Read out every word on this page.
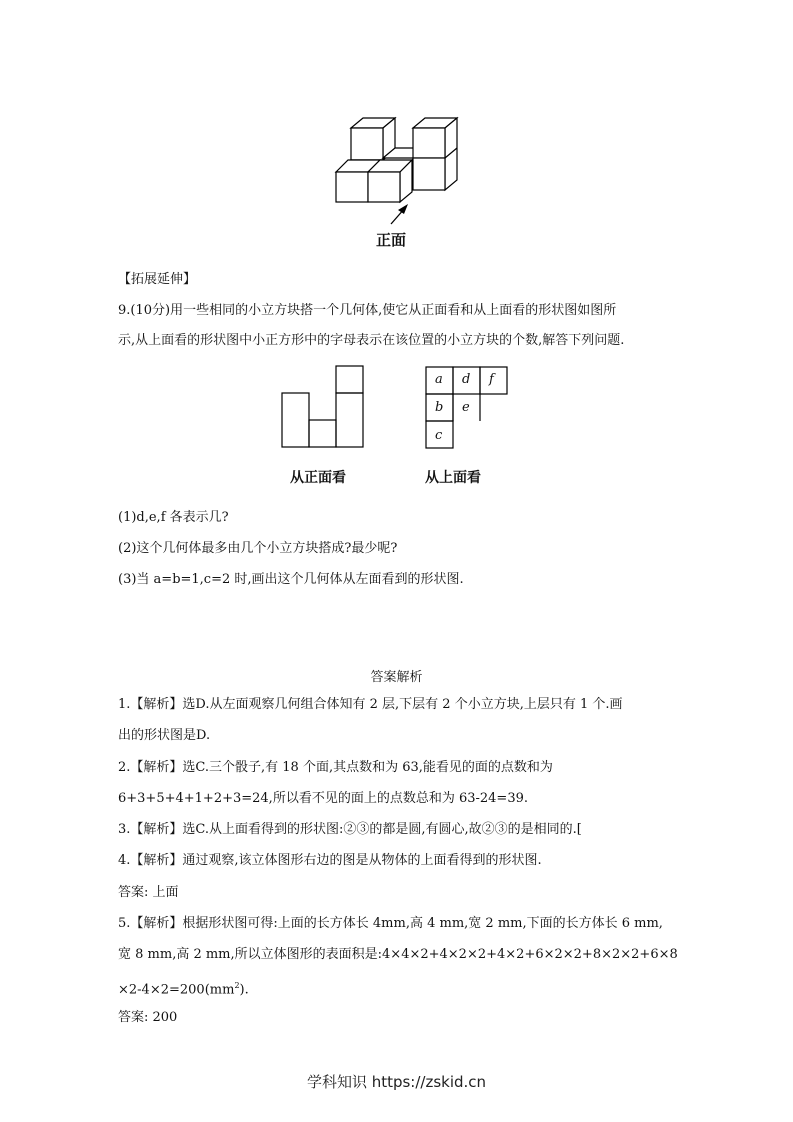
正面
【拓展延伸】
9.(10分)用一些相同的小立方块搭一个几何体,使它从正面看和从上面看的形状图如图所
示,从上面看的形状图中小正方形中的字母表示在该位置的小立方块的个数,解答下列问题.
a d f
b e
c
从正面看	从上面看
(1)d,e,f 各表示几?
(2)这个几何体最多由几个小立方块搭成?最少呢?
(3)当 a=b=1,c=2 时,画出这个几何体从左面看到的形状图.
答案解析
1.【解析】选D.从左面观察几何组合体知有 2 层,下层有 2 个小立方块,上层只有 1 个.画
出的形状图是D.
2.【解析】选C.三个骰子,有 18 个面,其点数和为 63,能看见的面的点数和为
6+3+5+4+1+2+3=24,所以看不见的面上的点数总和为 63-24=39.
3.【解析】选C.从上面看得到的形状图:②③的都是圆,有圆心,故②③的是相同的.[
4.【解析】通过观察,该立体图形右边的图是从物体的上面看得到的形状图.
答案: 上面
5.【解析】根据形状图可得:上面的长方体长 4mm,高 4 mm,宽 2 mm,下面的长方体长 6 mm,
宽 8 mm,高 2 mm,所以立体图形的表面积是:4×4×2+4×2×2+4×2+6×2×2+8×2×2+6×8
$\times 2-4\times 2=200(mm^2)$.
答案: 200
学科知识 https://zskid.cn
